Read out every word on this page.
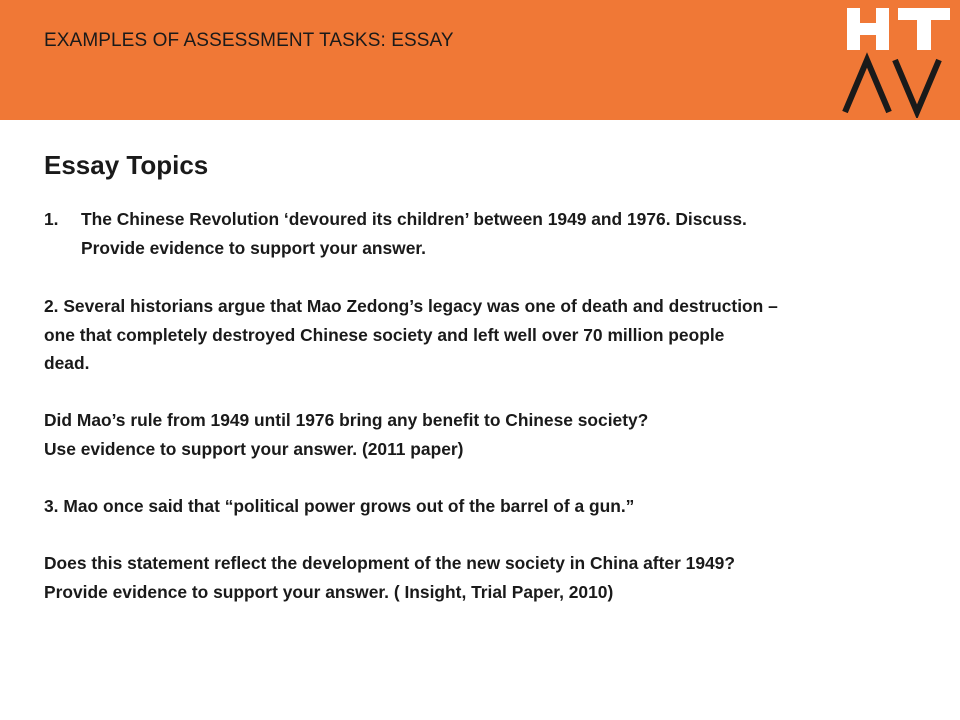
EXAMPLES OF ASSESSMENT TASKS: ESSAY
Essay Topics
1. The Chinese Revolution ‘devoured its children’ between 1949 and 1976. Discuss.
Provide evidence to support your answer.
2. Several historians argue that Mao Zedong’s legacy was one of death and destruction –
one that completely destroyed Chinese society and left well over 70 million people
dead.
Did Mao’s rule from 1949 until 1976 bring any benefit to Chinese society?
Use evidence to support your answer. (2011 paper)
3. Mao once said that “political power grows out of the barrel of a gun.”
Does this statement reflect the development of the new society in China after 1949?
Provide evidence to support your answer. ( Insight, Trial Paper, 2010)
